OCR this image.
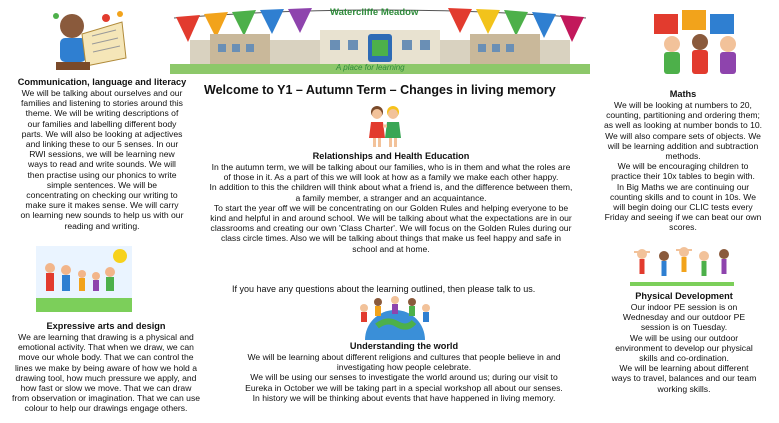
Watercliffe Meadow
A place for learning
Welcome to Y1 – Autumn Term – Changes in living memory
Communication, language and literacy
We will be talking about ourselves and our
families and listening to stories around this
theme. We will be writing descriptions of
our families and labelling different body
parts. We will also be looking at adjectives
and linking these to our 5 senses. In our
RWI sessions, we will be learning new
ways to read and write sounds. We will
then practise using our phonics to write
simple sentences. We will be
concentrating on checking our writing to
make sure it makes sense. We will carry
on learning new sounds to help us with our
reading and writing.
Expressive arts and design
We are learning that drawing is a physical and
emotional activity. That when we draw, we can
move our whole body. That we can control the
lines we make by being aware of how we hold a
drawing tool, how much pressure we apply, and
how fast or slow we move. That we can draw
from observation or imagination. That we can use
colour to help our drawings engage others.
Relationships and Health Education
In the autumn term, we will be talking about our families, who is in them and what the roles are
of those in it. As a part of this we will look at how as a family we make each other happy.
In addition to this the children will think about what a friend is, and the difference between them,
a family member, a stranger and an acquaintance.
To start the year off we will be concentrating on our Golden Rules and helping everyone to be
kind and helpful in and around school. We will be talking about what the expectations are in our
classrooms and creating our own 'Class Charter'. We will focus on the Golden Rules during our
class circle times. Also we will be talking about things that make us feel happy and safe in
school and at home.
If you have any questions about the learning outlined, then please talk to us.
Understanding the world
We will be learning about different religions and cultures that people believe in and
investigating how people celebrate.
We will be using our senses to investigate the world around us; during our visit to
Eureka in October we will be taking part in a special workshop all about our senses.
In history we will be thinking about events that have happened in living memory.
Maths
We will be looking at numbers to 20,
counting, partitioning and ordering them;
as well as looking at number bonds to 10.
We will also compare sets of objects. We
will be learning addition and subtraction
methods.
We will be encouraging children to
practice their 10x tables to begin with.
In Big Maths we are continuing our
counting skills and to count in 10s. We
will begin doing our CLIC tests every
Friday and seeing if we can beat our own
scores.
Physical Development
Our indoor PE session is on
Wednesday and our outdoor PE
session is on Tuesday.
We will be using our outdoor
environment to develop our physical
skills and co-ordination.
We will be learning about different
ways to travel, balances and our team
working skills.
